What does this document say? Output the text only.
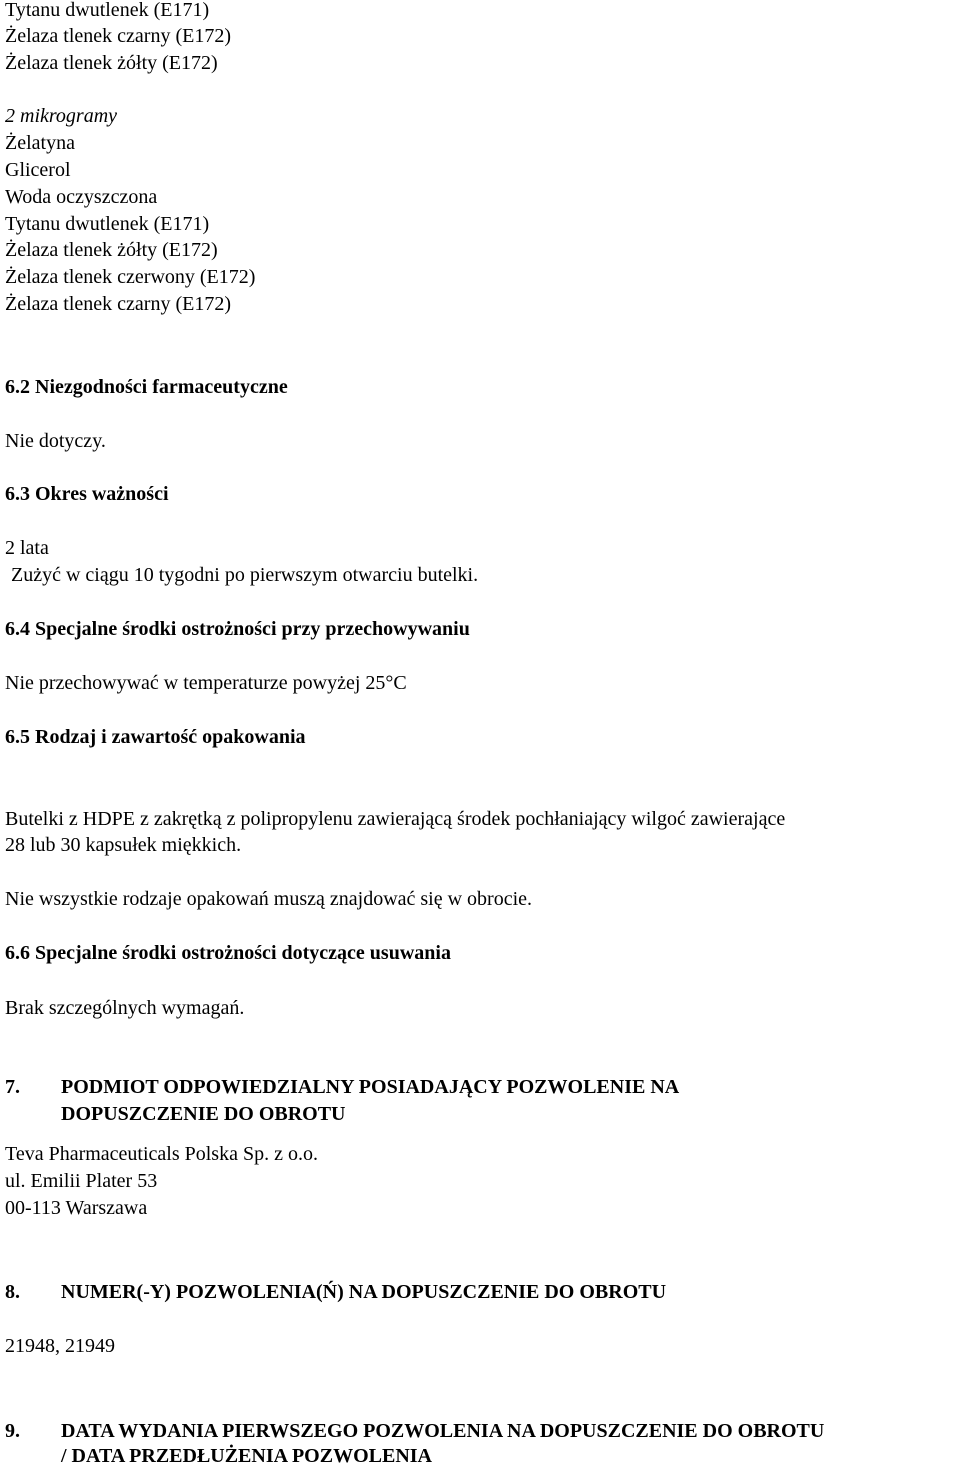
Tytanu dwutlenek (E171)
Żelaza tlenek czarny (E172)
Żelaza tlenek żółty (E172)
2 mikrogramy
Żelatyna
Glicerol
Woda oczyszczona
Tytanu dwutlenek (E171)
Żelaza tlenek żółty (E172)
Żelaza tlenek czerwony (E172)
Żelaza tlenek czarny (E172)
6.2 Niezgodności farmaceutyczne
Nie dotyczy.
6.3 Okres ważności
2 lata
Zużyć w ciągu 10 tygodni po pierwszym otwarciu butelki.
6.4 Specjalne środki ostrożności przy przechowywaniu
Nie przechowywać w temperaturze powyżej 25°C
6.5 Rodzaj i zawartość opakowania
Butelki z HDPE z zakrętką z polipropylenu zawierającą środek pochłaniający wilgoć zawierające
28 lub 30 kapsułek miękkich.
Nie wszystkie rodzaje opakowań muszą znajdować się w obrocie.
6.6 Specjalne środki ostrożności dotyczące usuwania
Brak szczególnych wymagań.
7. PODMIOT ODPOWIEDZIALNY POSIADAJĄCY POZWOLENIE NA
DOPUSZCZENIE DO OBROTU
Teva Pharmaceuticals Polska Sp. z o.o.
ul. Emilii Plater 53
00-113 Warszawa
8. NUMER(-Y) POZWOLENIA(Ń) NA DOPUSZCZENIE DO OBROTU
21948, 21949
9. DATA WYDANIA PIERWSZEGO POZWOLENIA NA DOPUSZCZENIE DO OBROTU
/ DATA PRZEDŁUŻENIA POZWOLENIA
